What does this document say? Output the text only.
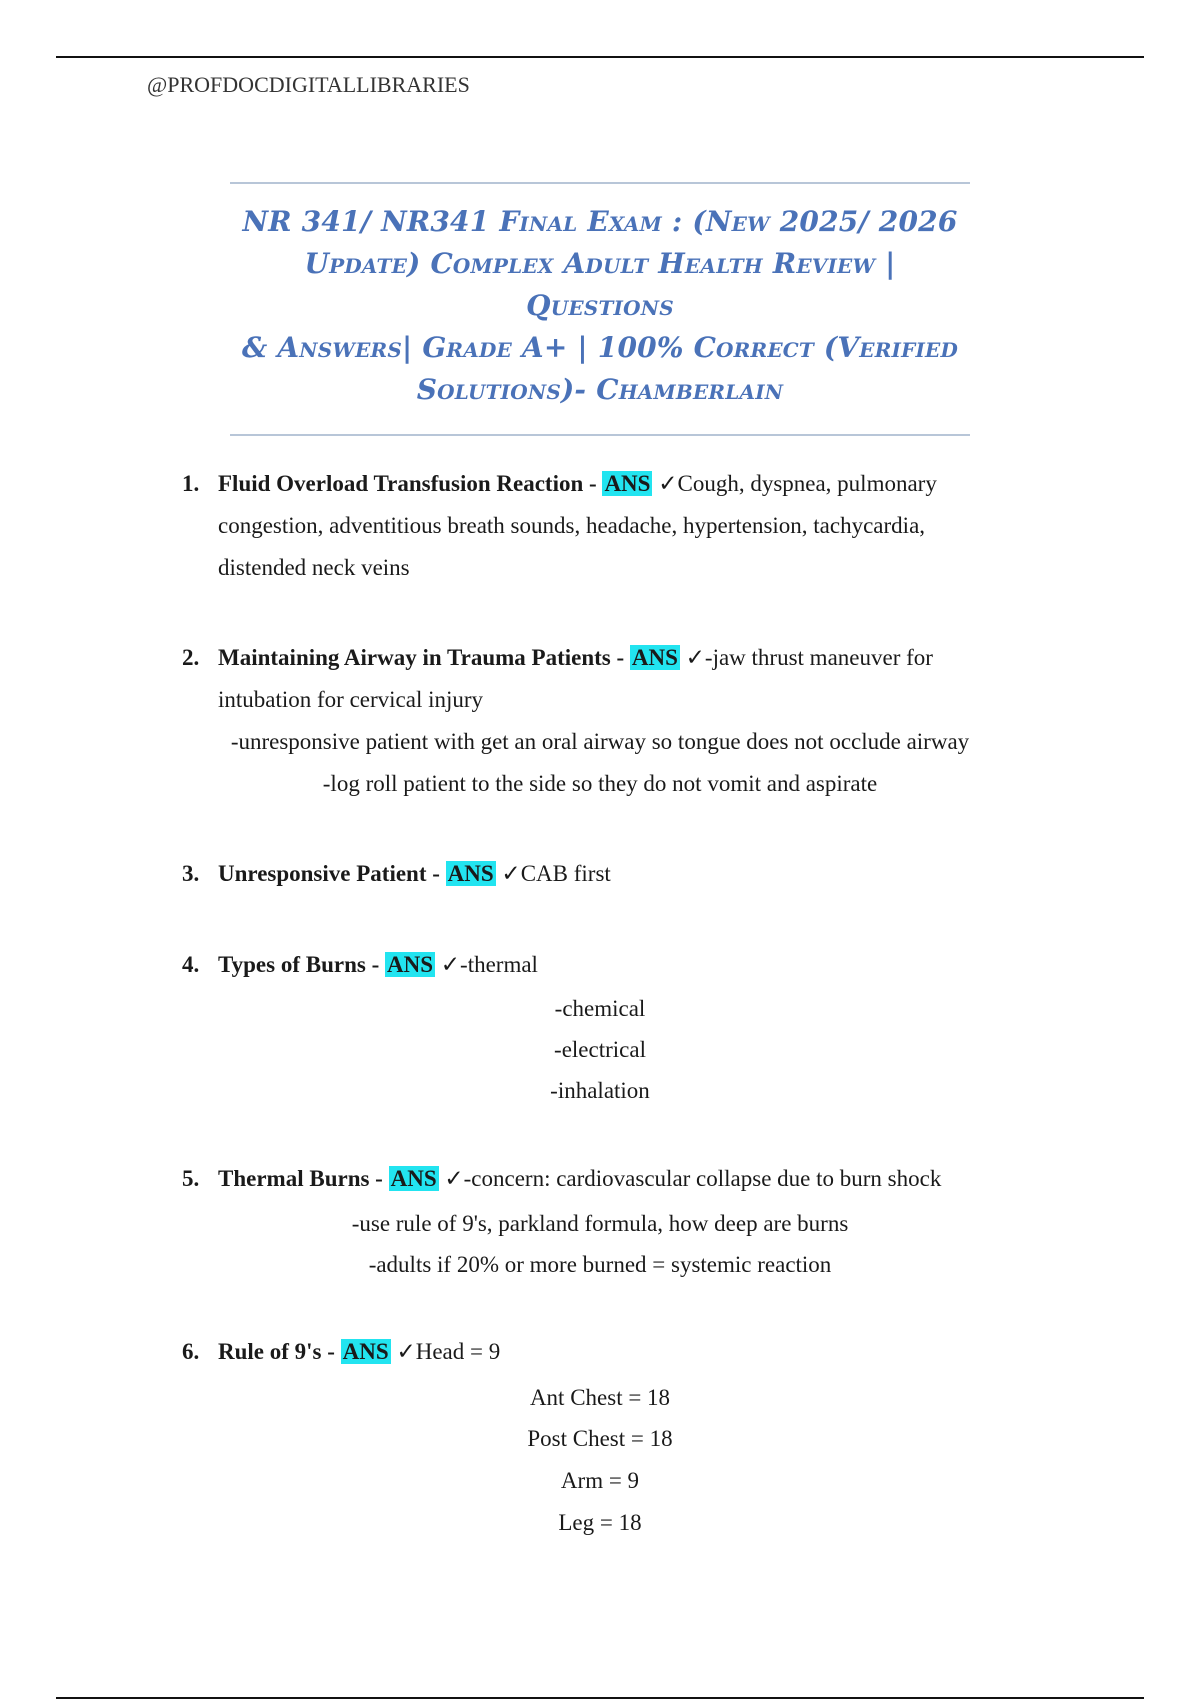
@PROFDOCDIGITALLIBRARIES
NR 341/ NR341 Final Exam : (New 2025/ 2026
Update) Complex Adult Health Review | Questions
& Answers| Grade A+ | 100% Correct (Verified
Solutions)- Chamberlain
1. Fluid Overload Transfusion Reaction - ANS ✓Cough, dyspnea, pulmonary
congestion, adventitious breath sounds, headache, hypertension, tachycardia,
distended neck veins
2. Maintaining Airway in Trauma Patients - ANS ✓-jaw thrust maneuver for
intubation for cervical injury
-unresponsive patient with get an oral airway so tongue does not occlude airway
-log roll patient to the side so they do not vomit and aspirate
3. Unresponsive Patient - ANS ✓CAB first
4. Types of Burns - ANS ✓-thermal
-chemical
-electrical
-inhalation
5. Thermal Burns - ANS ✓-concern: cardiovascular collapse due to burn shock
-use rule of 9's, parkland formula, how deep are burns
-adults if 20% or more burned = systemic reaction
6. Rule of 9's - ANS ✓Head = 9
Ant Chest = 18
Post Chest = 18
Arm = 9
Leg = 18
